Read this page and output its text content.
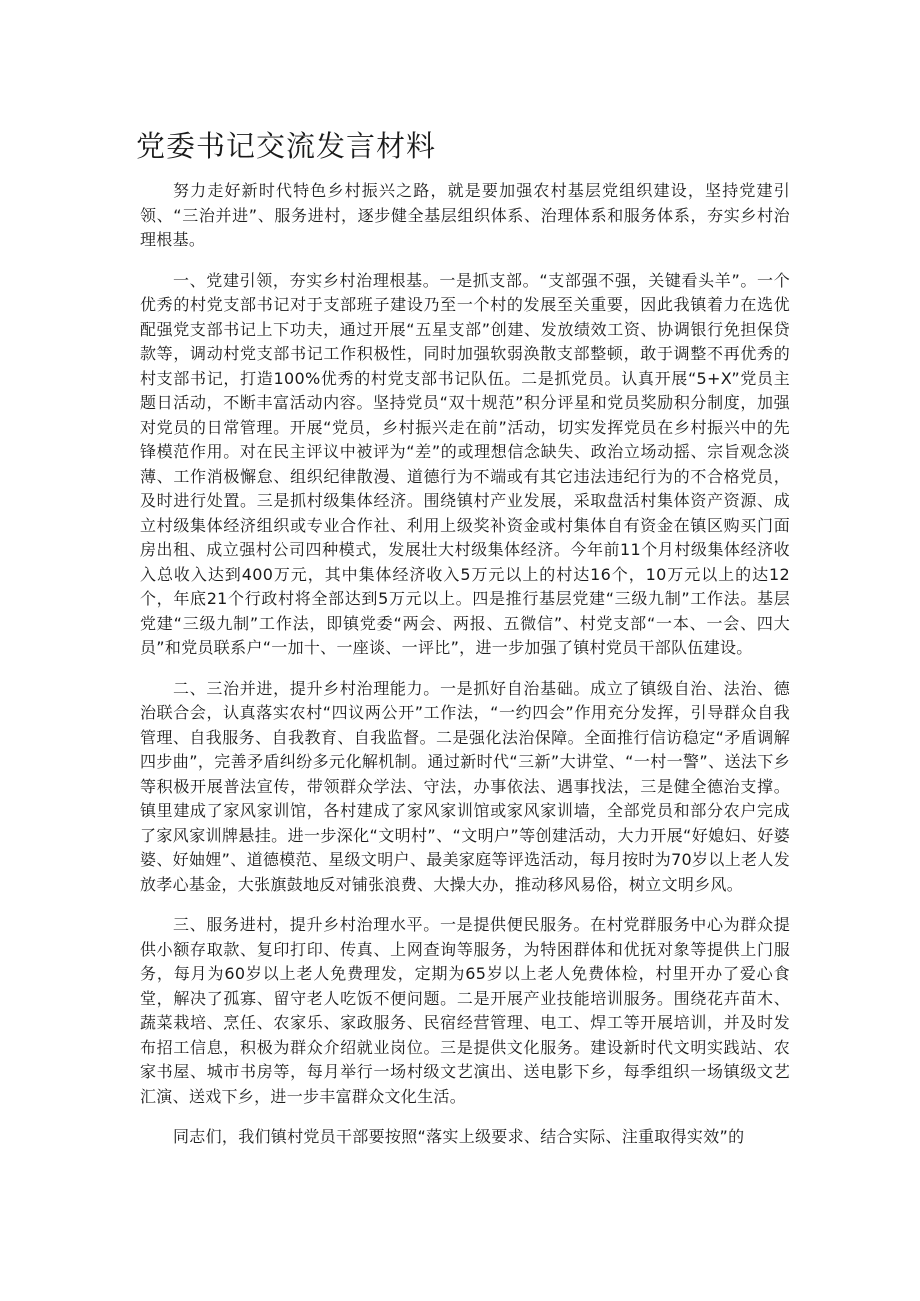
党委书记交流发言材料

努力走好新时代特色乡村振兴之路，就是要加强农村基层党组织建设，坚持党建引领、“三治并进”、服务进村，逐步健全基层组织体系、治理体系和服务体系，夯实乡村治理根基。

一、党建引领，夯实乡村治理根基。一是抓支部。“支部强不强，关键看头羊”。一个优秀的村党支部书记对于支部班子建设乃至一个村的发展至关重要，因此我镇着力在选优配强党支部书记上下功夫，通过开展“五星支部”创建、发放绩效工资、协调银行免担保贷款等，调动村党支部书记工作积极性，同时加强软弱涣散支部整顿，敢于调整不再优秀的村支部书记，打造100%优秀的村党支部书记队伍。二是抓党员。认真开展“5+X”党员主题日活动，不断丰富活动内容。坚持党员“双十规范”积分评星和党员奖励积分制度，加强对党员的日常管理。开展“党员，乡村振兴走在前”活动，切实发挥党员在乡村振兴中的先锋模范作用。对在民主评议中被评为“差”的或理想信念缺失、政治立场动摇、宗旨观念淡薄、工作消极懈怠、组织纪律散漫、道德行为不端或有其它违法违纪行为的不合格党员，及时进行处置。三是抓村级集体经济。围绕镇村产业发展，采取盘活村集体资产资源、成立村级集体经济组织或专业合作社、利用上级奖补资金或村集体自有资金在镇区购买门面房出租、成立强村公司四种模式，发展壮大村级集体经济。今年前11个月村级集体经济收入总收入达到400万元，其中集体经济收入5万元以上的村达16个，10万元以上的达12个，年底21个行政村将全部达到5万元以上。四是推行基层党建“三级九制”工作法。基层党建“三级九制”工作法，即镇党委“两会、两报、五微信”、村党支部“一本、一会、四大员”和党员联系户“一加十、一座谈、一评比”，进一步加强了镇村党员干部队伍建设。

二、三治并进，提升乡村治理能力。一是抓好自治基础。成立了镇级自治、法治、德治联合会，认真落实农村“四议两公开”工作法，“一约四会”作用充分发挥，引导群众自我管理、自我服务、自我教育、自我监督。二是强化法治保障。全面推行信访稳定“矛盾调解四步曲”，完善矛盾纠纷多元化解机制。通过新时代“三新”大讲堂、“一村一警”、送法下乡等积极开展普法宣传，带领群众学法、守法，办事依法、遇事找法，三是健全德治支撑。镇里建成了家风家训馆，各村建成了家风家训馆或家风家训墙，全部党员和部分农户完成了家风家训牌悬挂。进一步深化“文明村”、“文明户”等创建活动，大力开展“好媳妇、好婆婆、好妯娌”、道德模范、星级文明户、最美家庭等评选活动，每月按时为70岁以上老人发放孝心基金，大张旗鼓地反对铺张浪费、大操大办，推动移风易俗，树立文明乡风。

三、服务进村，提升乡村治理水平。一是提供便民服务。在村党群服务中心为群众提供小额存取款、复印打印、传真、上网查询等服务，为特困群体和优抚对象等提供上门服务，每月为60岁以上老人免费理发，定期为65岁以上老人免费体检，村里开办了爱心食堂，解决了孤寡、留守老人吃饭不便问题。二是开展产业技能培训服务。围绕花卉苗木、蔬菜栽培、烹任、农家乐、家政服务、民宿经营管理、电工、焊工等开展培训，并及时发布招工信息，积极为群众介绍就业岗位。三是提供文化服务。建设新时代文明实践站、农家书屋、城市书房等，每月举行一场村级文艺演出、送电影下乡，每季组织一场镇级文艺汇演、送戏下乡，进一步丰富群众文化生活。

同志们，我们镇村党员干部要按照“落实上级要求、结合实际、注重取得实效”的
